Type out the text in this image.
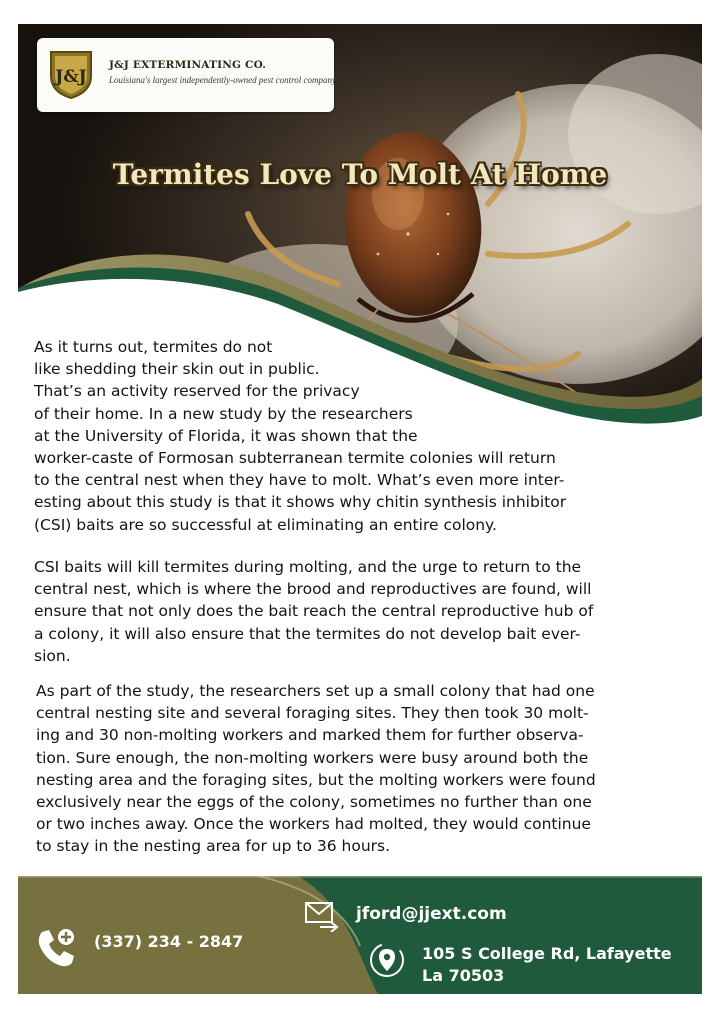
J&J
J&J EXTERMINATING CO.
Louisiana's largest independently-owned pest control company
Termites Love To Molt At Home
As it turns out, termites do not
like shedding their skin out in public.
That’s an activity reserved for the privacy
of their home. In a new study by the researchers
at the University of Florida, it was shown that the
worker-caste of Formosan subterranean termite colonies will return
to the central nest when they have to molt. What’s even more inter-
esting about this study is that it shows why chitin synthesis inhibitor
(CSI) baits are so successful at eliminating an entire colony.
CSI baits will kill termites during molting, and the urge to return to the
central nest, which is where the brood and reproductives are found, will
ensure that not only does the bait reach the central reproductive hub of
a colony, it will also ensure that the termites do not develop bait ever-
sion.
As part of the study, the researchers set up a small colony that had one
central nesting site and several foraging sites. They then took 30 molt-
ing and 30 non-molting workers and marked them for further observa-
tion. Sure enough, the non-molting workers were busy around both the
nesting area and the foraging sites, but the molting workers were found
exclusively near the eggs of the colony, sometimes no further than one
or two inches away. Once the workers had molted, they would continue
to stay in the nesting area for up to 36 hours.
(337) 234 - 2847
jford@jjext.com
105 S College Rd, Lafayette
La 70503
